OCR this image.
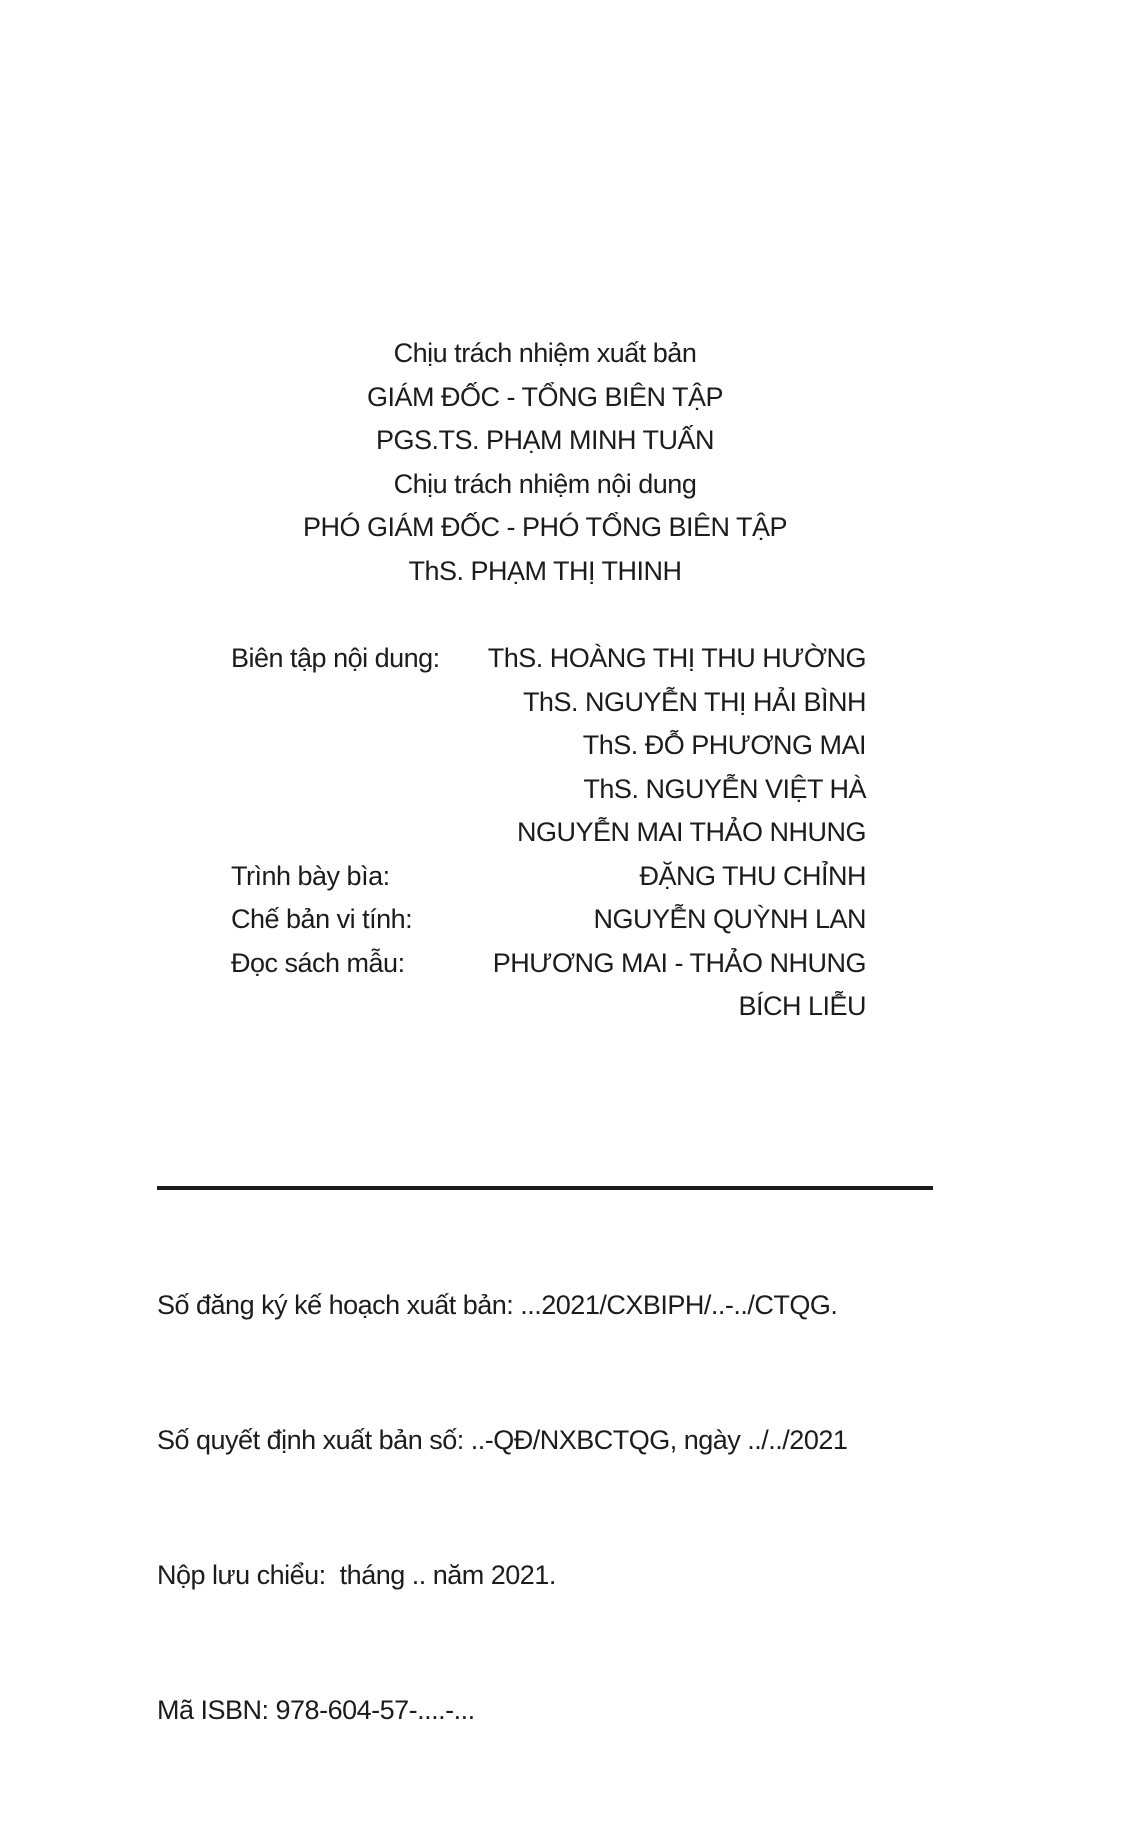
Chịu trách nhiệm xuất bản
GIÁM ĐỐC - TỔNG BIÊN TẬP
PGS.TS. PHẠM MINH TUẤN
Chịu trách nhiệm nội dung
PHÓ GIÁM ĐỐC - PHÓ TỔNG BIÊN TẬP
ThS. PHẠM THỊ THINH
Biên tập nội dung: ThS. HOÀNG THỊ THU HƯỜNG
ThS. NGUYỄN THỊ HẢI BÌNH
ThS. ĐỖ PHƯƠNG MAI
ThS. NGUYỄN VIỆT HÀ
NGUYỄN MAI THẢO NHUNG
Trình bày bìa:	ĐẶNG THU CHỈNH
Chế bản vi tính:	NGUYỄN QUỲNH LAN
Đọc sách mẫu:	PHƯƠNG MAI - THẢO NHUNG
BÍCH LIỄU

Số đăng ký kế hoạch xuất bản: ...2021/CXBIPH/..-../CTQG.

Số quyết định xuất bản số: ..-QĐ/NXBCTQG, ngày ../../2021

Nộp lưu chiểu:  tháng .. năm 2021.

Mã ISBN: 978-604-57-....-...
